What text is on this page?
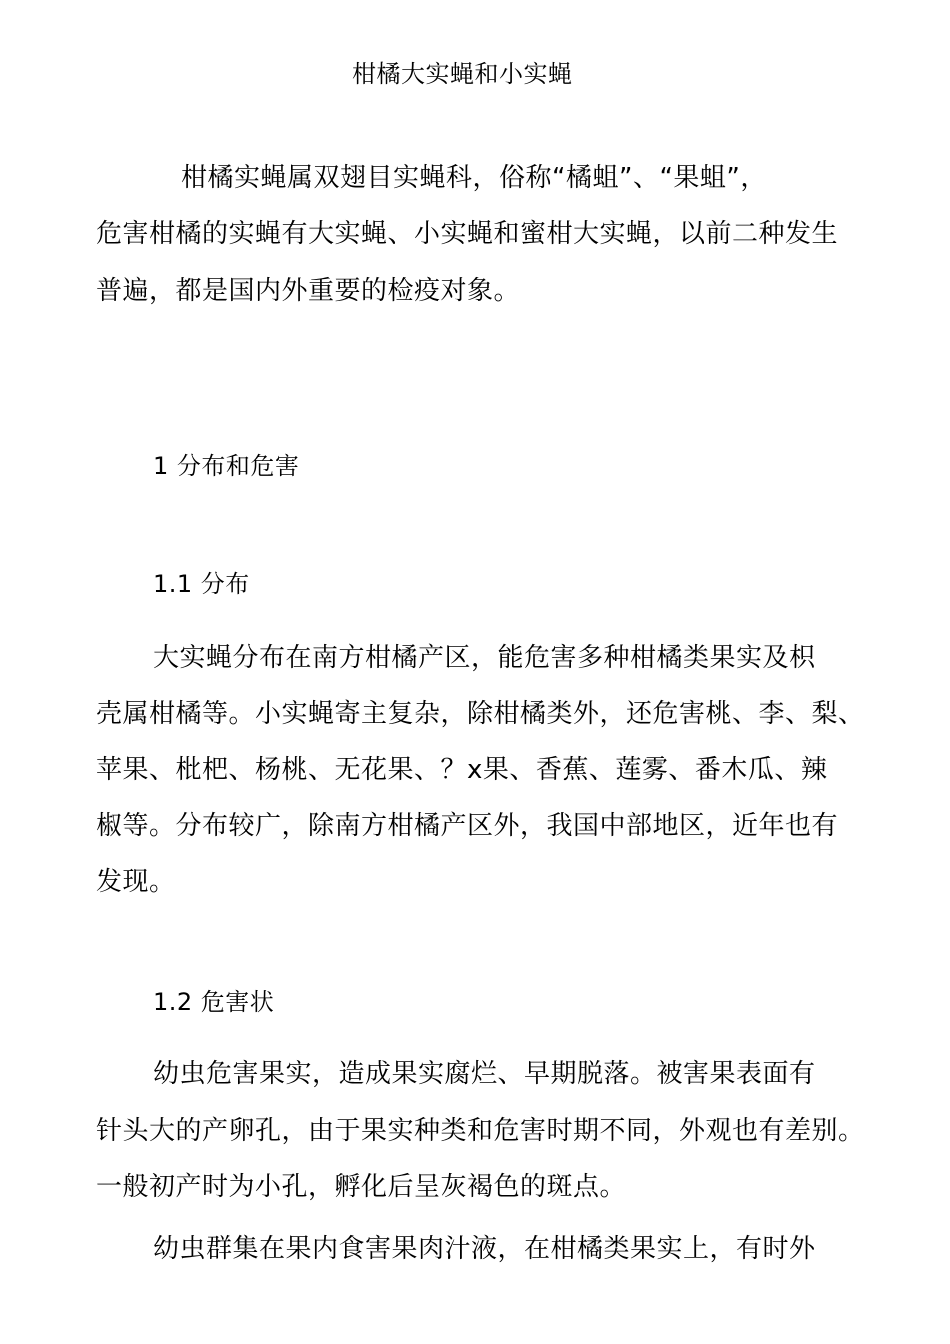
柑橘大实蝇和小实蝇

柑橘实蝇属双翅目实蝇科，俗称“橘蛆”、“果蛆”，

危害柑橘的实蝇有大实蝇、小实蝇和蜜柑大实蝇，以前二种发生

普遍，都是国内外重要的检疫对象。

1 分布和危害

1.1 分布

大实蝇分布在南方柑橘产区，能危害多种柑橘类果实及枳

壳属柑橘等。小实蝇寄主复杂，除柑橘类外，还危害桃、李、梨、

苹果、枇杷、杨桃、无花果、？x果、香蕉、莲雾、番木瓜、辣

椒等。分布较广，除南方柑橘产区外，我国中部地区，近年也有

发现。

1.2 危害状

幼虫危害果实，造成果实腐烂、早期脱落。被害果表面有

针头大的产卵孔，由于果实种类和危害时期不同，外观也有差别。

一般初产时为小孔，孵化后呈灰褐色的斑点。

幼虫群集在果内食害果肉汁液，在柑橘类果实上，有时外
